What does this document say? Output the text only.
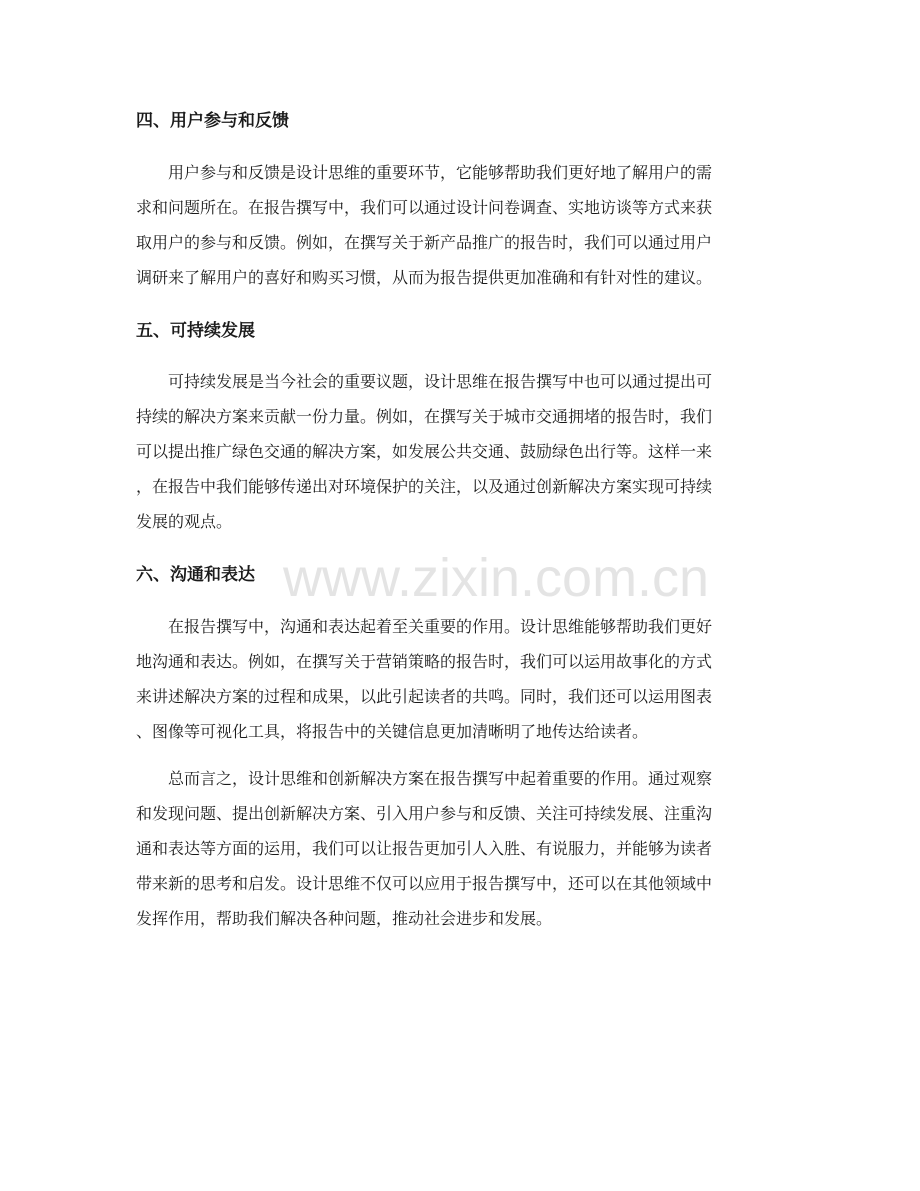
四、用户参与和反馈

用户参与和反馈是设计思维的重要环节，它能够帮助我们更好地了解用户的需

求和问题所在。在报告撰写中，我们可以通过设计问卷调查、实地访谈等方式来获

取用户的参与和反馈。例如，在撰写关于新产品推广的报告时，我们可以通过用户

调研来了解用户的喜好和购买习惯，从而为报告提供更加准确和有针对性的建议。

五、可持续发展

可持续发展是当今社会的重要议题，设计思维在报告撰写中也可以通过提出可

持续的解决方案来贡献一份力量。例如，在撰写关于城市交通拥堵的报告时，我们

可以提出推广绿色交通的解决方案，如发展公共交通、鼓励绿色出行等。这样一来

，在报告中我们能够传递出对环境保护的关注，以及通过创新解决方案实现可持续

发展的观点。

六、沟通和表达

在报告撰写中，沟通和表达起着至关重要的作用。设计思维能够帮助我们更好

地沟通和表达。例如，在撰写关于营销策略的报告时，我们可以运用故事化的方式

来讲述解决方案的过程和成果，以此引起读者的共鸣。同时，我们还可以运用图表

、图像等可视化工具，将报告中的关键信息更加清晰明了地传达给读者。

总而言之，设计思维和创新解决方案在报告撰写中起着重要的作用。通过观察

和发现问题、提出创新解决方案、引入用户参与和反馈、关注可持续发展、注重沟

通和表达等方面的运用，我们可以让报告更加引人入胜、有说服力，并能够为读者

带来新的思考和启发。设计思维不仅可以应用于报告撰写中，还可以在其他领域中

发挥作用，帮助我们解决各种问题，推动社会进步和发展。

www.zixin.com.cn
